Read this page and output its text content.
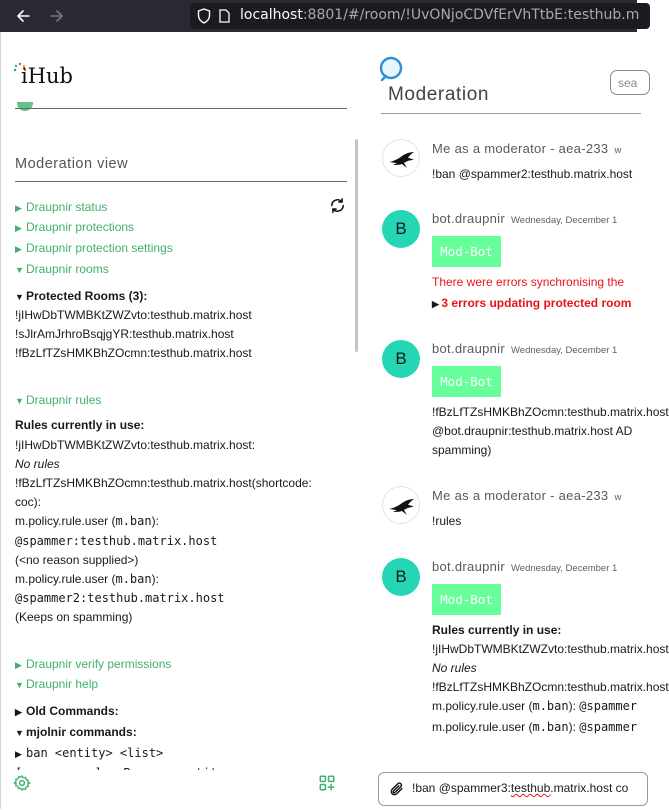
localhost:8801/#/room/!UvONjoCDVfErVhTtbE:testhub.m
iHub
Moderation view
▶ Draupnir status
▶ Draupnir protections
▶ Draupnir protection settings
▼ Draupnir rooms
▼ Protected Rooms (3):
!jIHwDbTWMBKtZWZvto:testhub.matrix.host
!sJlrAmJrhroBsqjgYR:testhub.matrix.host
!fBzLfTZsHMKBhZOcmn:testhub.matrix.host
▼ Draupnir rules
Rules currently in use:
!jIHwDbTWMBKtZWZvto:testhub.matrix.host:
No rules
!fBzLfTZsHMKBhZOcmn:testhub.matrix.host(shortcode:
coc):
m.policy.rule.user (m.ban):
@spammer:testhub.matrix.host
(<no reason supplied>)
m.policy.rule.user (m.ban):
@spammer2:testhub.matrix.host
(Keeps on spamming)
▶ Draupnir verify permissions
▼ Draupnir help
▶ Old Commands:
▼ mjolnir commands:
▶ ban <entity> <list>
Moderation
sea
Me as a moderator - aea-233 w
!ban @spammer2:testhub.matrix.host
B
bot.draupnir Wednesday, December 1
Mod-Bot
There were errors synchronising the
▶ 3 errors updating protected room
B
bot.draupnir Wednesday, December 1
Mod-Bot
!fBzLfTZsHMKBhZOcmn:testhub.matrix.host
@bot.draupnir:testhub.matrix.host AD
spamming)
Me as a moderator - aea-233 w
!rules
B
bot.draupnir Wednesday, December 1
Mod-Bot
Rules currently in use:
!jIHwDbTWMBKtZWZvto:testhub.matrix.host
No rules
!fBzLfTZsHMKBhZOcmn:testhub.matrix.host
m.policy.rule.user (m.ban): @spammer
m.policy.rule.user (m.ban): @spammer
!ban @spammer3:testhub.matrix.host co
